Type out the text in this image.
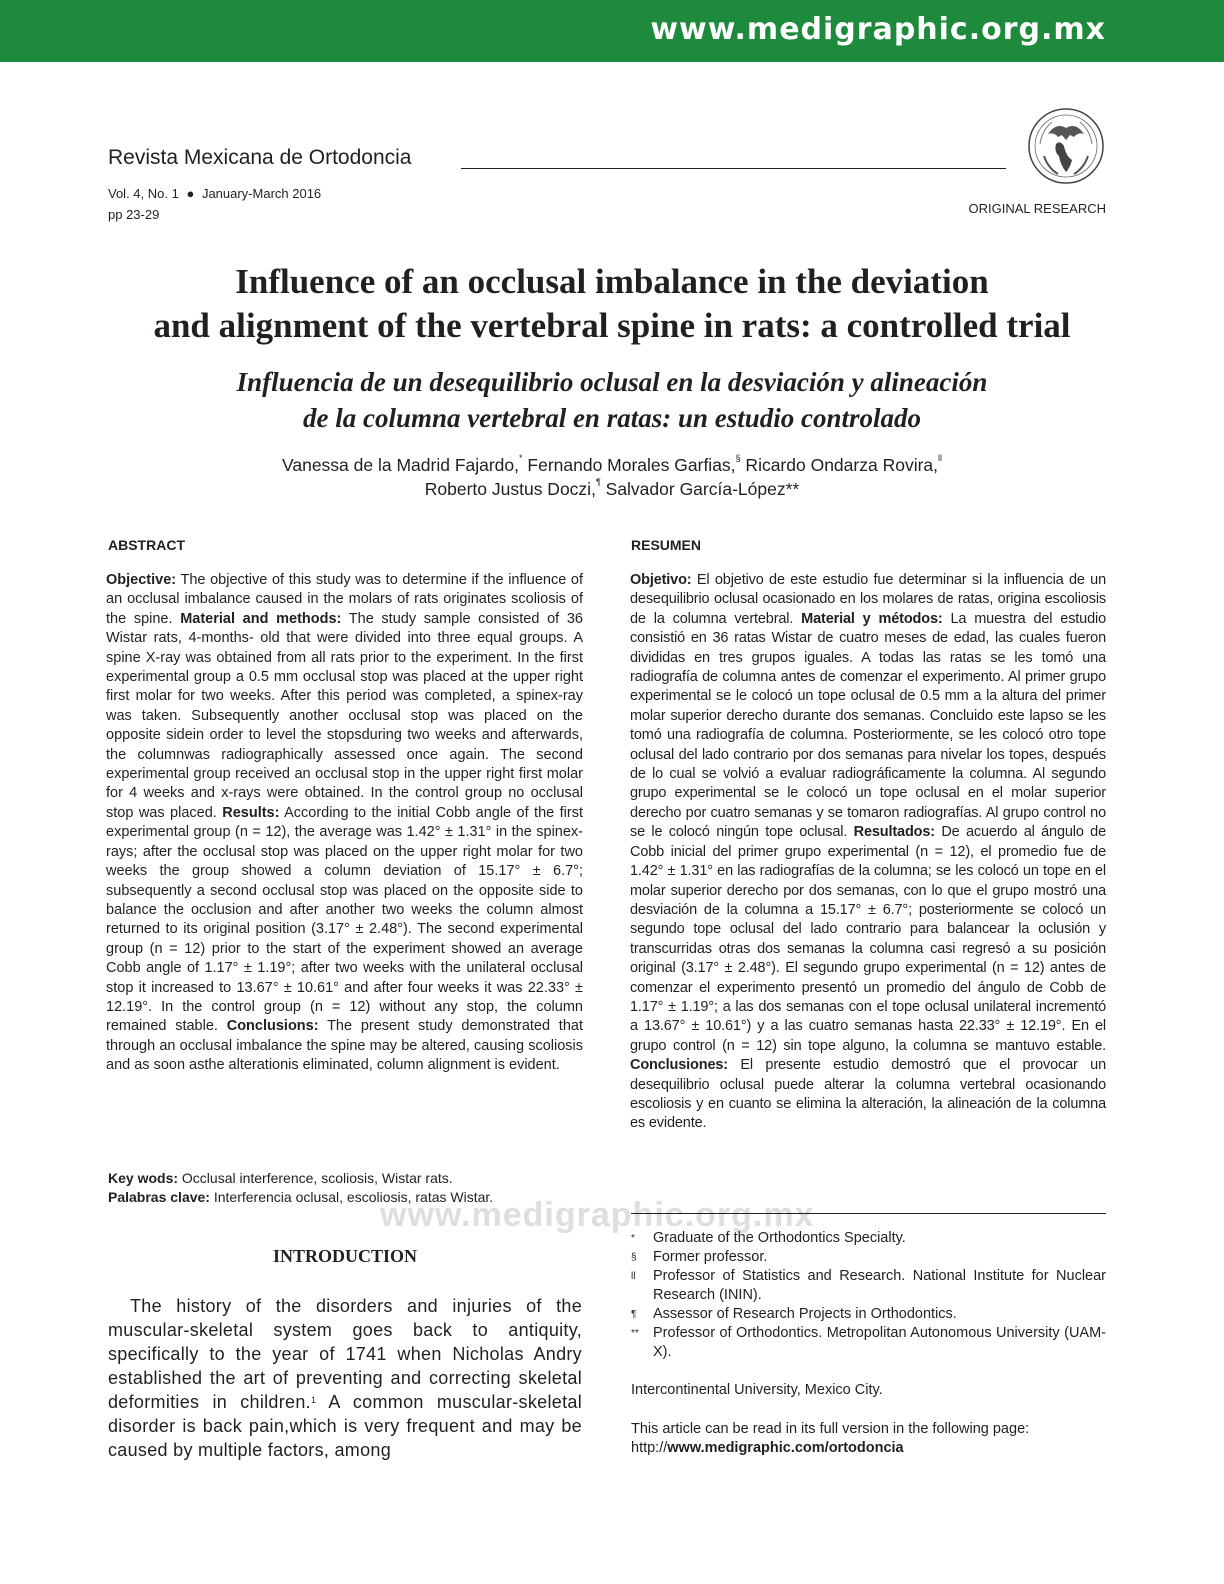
www.medigraphic.org.mx
Revista Mexicana de Ortodoncia
Vol. 4, No. 1 ● January-March 2016
pp 23-29	ORIGINAL RESEARCH
Influence of an occlusal imbalance in the deviation
and alignment of the vertebral spine in rats: a controlled trial
Influencia de un desequilibrio oclusal en la desviación y alineación
de la columna vertebral en ratas: un estudio controlado
Vanessa de la Madrid Fajardo,* Fernando Morales Garfias,§ Ricardo Ondarza Rovira,$^{ll}$
Roberto Justus Doczi,¶ Salvador García-López**
ABSTRACT
Objective: The objective of this study was to determine if the influence of an occlusal imbalance caused in the molars of rats originates scoliosis of the spine. Material and methods: The study sample consisted of 36 Wistar rats, 4-months- old that were divided into three equal groups. A spine X-ray was obtained from all rats prior to the experiment. In the first experimental group a 0.5 mm occlusal stop was placed at the upper right first molar for two weeks. After this period was completed, a spinex-ray was taken. Subsequently another occlusal stop was placed on the opposite sidein order to level the stopsduring two weeks and afterwards, the columnwas radiographically assessed once again. The second experimental group received an occlusal stop in the upper right first molar for 4 weeks and x-rays were obtained. In the control group no occlusal stop was placed. Results: According to the initial Cobb angle of the first experimental group (n = 12), the average was 1.42° ± 1.31° in the spinex-rays; after the occlusal stop was placed on the upper right molar for two weeks the group showed a column deviation of 15.17° ± 6.7°; subsequently a second occlusal stop was placed on the opposite side to balance the occlusion and after another two weeks the column almost returned to its original position (3.17° ± 2.48°). The second experimental group (n = 12) prior to the start of the experiment showed an average Cobb angle of 1.17° ± 1.19°; after two weeks with the unilateral occlusal stop it increased to 13.67° ± 10.61° and after four weeks it was 22.33° ± 12.19°. In the control group (n = 12) without any stop, the column remained stable. Conclusions: The present study demonstrated that through an occlusal imbalance the spine may be altered, causing scoliosis and as soon asthe alterationis eliminated, column alignment is evident.
RESUMEN
Objetivo: El objetivo de este estudio fue determinar si la influencia de un desequilibrio oclusal ocasionado en los molares de ratas, origina escoliosis de la columna vertebral. Material y métodos: La muestra del estudio consistió en 36 ratas Wistar de cuatro meses de edad, las cuales fueron divididas en tres grupos iguales. A todas las ratas se les tomó una radiografía de columna antes de comenzar el experimento. Al primer grupo experimental se le colocó un tope oclusal de 0.5 mm a la altura del primer molar superior derecho durante dos semanas. Concluido este lapso se les tomó una radiografía de columna. Posteriormente, se les colocó otro tope oclusal del lado contrario por dos semanas para nivelar los topes, después de lo cual se volvió a evaluar radiográficamente la columna. Al segundo grupo experimental se le colocó un tope oclusal en el molar superior derecho por cuatro semanas y se tomaron radiografías. Al grupo control no se le colocó ningún tope oclusal. Resultados: De acuerdo al ángulo de Cobb inicial del primer grupo experimental (n = 12), el promedio fue de 1.42° ± 1.31° en las radiografías de la columna; se les colocó un tope en el molar superior derecho por dos semanas, con lo que el grupo mostró una desviación de la columna a 15.17° ± 6.7°; posteriormente se colocó un segundo tope oclusal del lado contrario para balancear la oclusión y transcurridas otras dos semanas la columna casi regresó a su posición original (3.17° ± 2.48°). El segundo grupo experimental (n = 12) antes de comenzar el experimento presentó un promedio del ángulo de Cobb de 1.17° ± 1.19°; a las dos semanas con el tope oclusal unilateral incrementó a 13.67° ± 10.61°) y a las cuatro semanas hasta 22.33° ± 12.19°. En el grupo control (n = 12) sin tope alguno, la columna se mantuvo estable. Conclusiones: El presente estudio demostró que el provocar un desequilibrio oclusal puede alterar la columna vertebral ocasionando escoliosis y en cuanto se elimina la alteración, la alineación de la columna es evidente.
Key wods: Occlusal interference, scoliosis, Wistar rats.
Palabras clave: Interferencia oclusal, escoliosis, ratas Wistar.
www.medigraphic.org.mx
* Graduate of the Orthodontics Specialty.
§ Former professor.
ll Professor of Statistics and Research. National Institute for Nuclear Research (ININ).
¶ Assessor of Research Projects in Orthodontics.
** Professor of Orthodontics. Metropolitan Autonomous University (UAM-X).
Intercontinental University, Mexico City.
This article can be read in its full version in the following page:
http://www.medigraphic.com/ortodoncia
INTRODUCTION
The history of the disorders and injuries of the muscular-skeletal system goes back to antiquity, specifically to the year of 1741 when Nicholas Andry established the art of preventing and correcting skeletal deformities in children.$^1$ A common muscular-skeletal disorder is back pain,which is very frequent and may be caused by multiple factors, among
